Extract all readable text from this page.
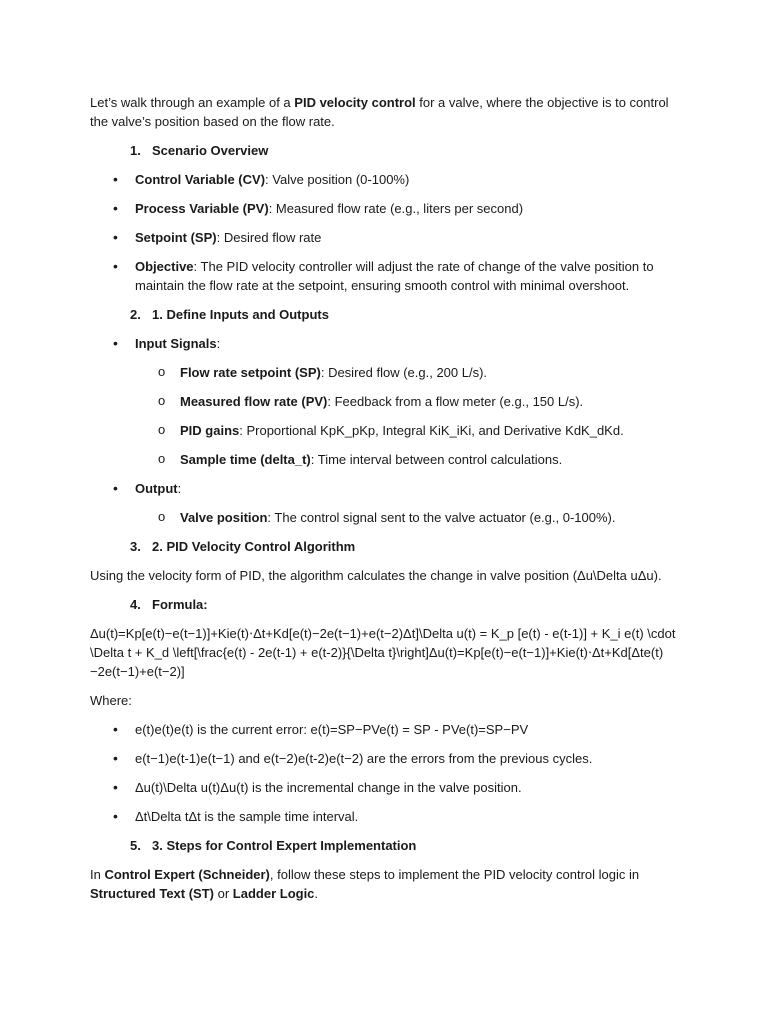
Let’s walk through an example of a PID velocity control for a valve, where the objective is to control the valve’s position based on the flow rate.

1. Scenario Overview
• Control Variable (CV): Valve position (0-100%)
• Process Variable (PV): Measured flow rate (e.g., liters per second)
• Setpoint (SP): Desired flow rate
• Objective: The PID velocity controller will adjust the rate of change of the valve position to maintain the flow rate at the setpoint, ensuring smooth control with minimal overshoot.
2. 1. Define Inputs and Outputs
• Input Signals:
o Flow rate setpoint (SP): Desired flow (e.g., 200 L/s).
o Measured flow rate (PV): Feedback from a flow meter (e.g., 150 L/s).
o PID gains: Proportional KpK_pKp, Integral KiK_iKi, and Derivative KdK_dKd.
o Sample time (delta_t): Time interval between control calculations.
• Output:
o Valve position: The control signal sent to the valve actuator (e.g., 0-100%).
3. 2. PID Velocity Control Algorithm

Using the velocity form of PID, the algorithm calculates the change in valve position (Δu\Delta uΔu).

4. Formula:

Δu(t)=Kp[e(t)−e(t−1)]+Kie(t)⋅Δt+Kd[e(t)−2e(t−1)+e(t−2)Δt]\Delta u(t) = K_p [e(t) - e(t-1)] + K_i e(t) \cdot \Delta t + K_d \left[\frac{e(t) - 2e(t-1) + e(t-2)}{\Delta t}\right]Δu(t)=Kp[e(t)−e(t−1)]+Kie(t)⋅Δt+Kd[Δte(t)−2e(t−1)+e(t−2)]

Where:

• e(t)e(t)e(t) is the current error: e(t)=SP−PVe(t) = SP - PVe(t)=SP−PV
• e(t−1)e(t-1)e(t−1) and e(t−2)e(t-2)e(t−2) are the errors from the previous cycles.
• Δu(t)\Delta u(t)Δu(t) is the incremental change in the valve position.
• Δt\Delta tΔt is the sample time interval.
5. 3. Steps for Control Expert Implementation

In Control Expert (Schneider), follow these steps to implement the PID velocity control logic in Structured Text (ST) or Ladder Logic.
